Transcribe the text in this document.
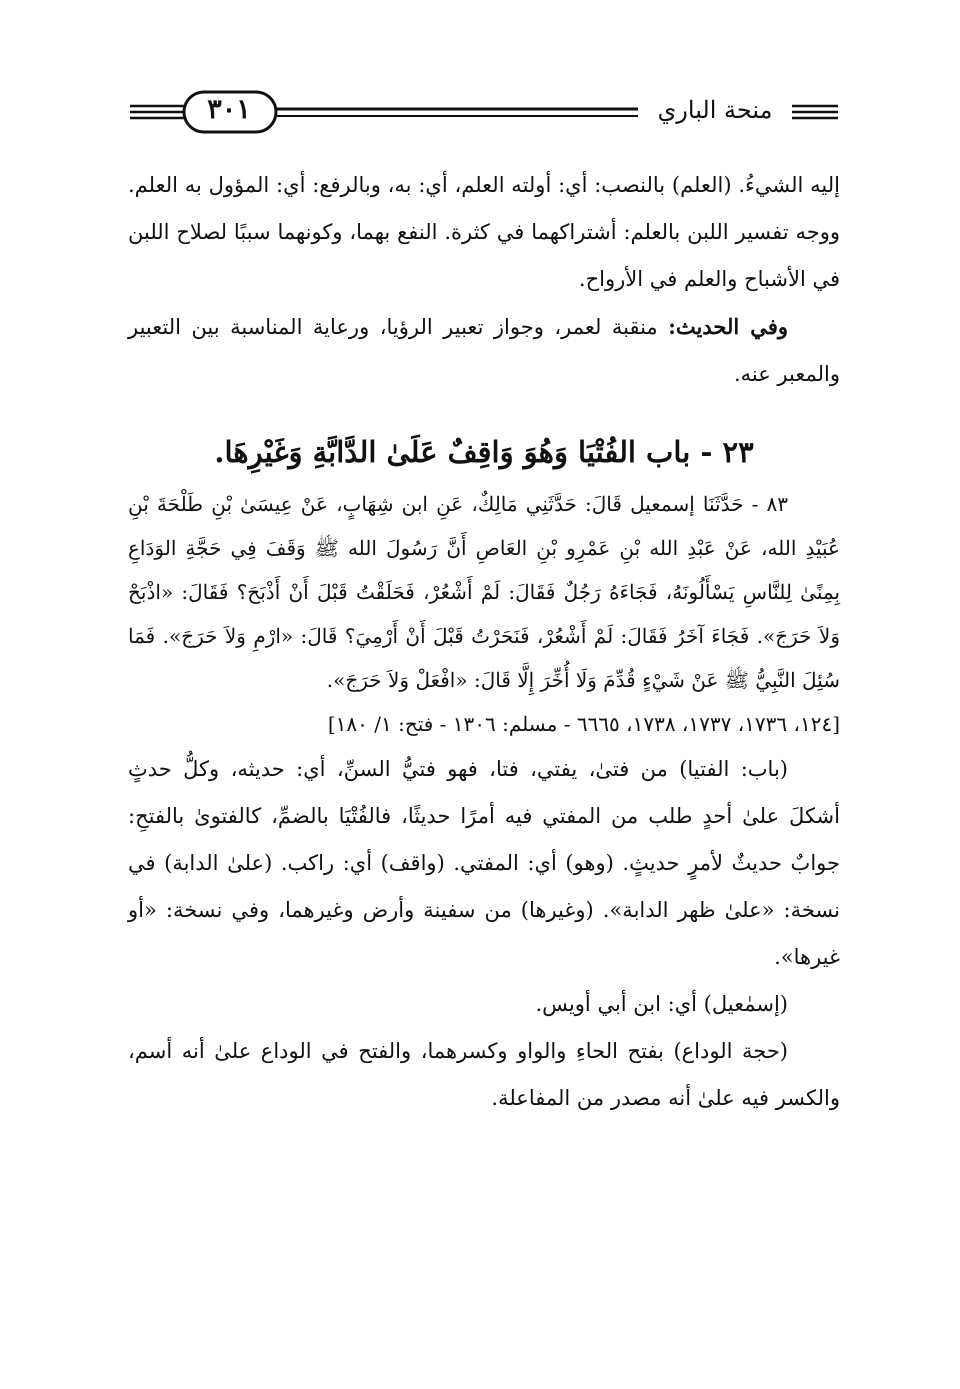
٣٠١	منحة الباري

إليه الشيءُ. (العلم) بالنصب: أي: أولته العلم، أي: به، وبالرفع: أي: المؤول به العلم. ووجه تفسير اللبن بالعلم: أشتراكهما في كثرة. النفع بهما، وكونهما سببًا لصلاح اللبن في الأشباح والعلم في الأرواح.

وفي الحديث: منقبة لعمر، وجواز تعبير الرؤيا، ورعاية المناسبة بين التعبير والمعبر عنه.

٢٣ - باب الفُتْيَا وَهُوَ وَاقِفٌ عَلَىٰ الدَّابَّةِ وَغَيْرِهَا.

٨٣ - حَدَّثَنَا إسمعيل قَالَ: حَدَّثَنِي مَالِكٌ، عَنِ ابن شِهَابٍ، عَنْ عِيسَىٰ بْنِ طَلْحَةَ بْنِ عُبَيْدِ الله، عَنْ عَبْدِ الله بْنِ عَمْرِو بْنِ العَاصِ أَنَّ رَسُولَ الله ﷺ وَقَفَ فِي حَجَّةِ الوَدَاعِ بِمِنًىٰ لِلنَّاسِ يَسْأَلُونَهُ، فَجَاءَهُ رَجُلٌ فَقَالَ: لَمْ أَشْعُرْ، فَحَلَقْتُ قَبْلَ أَنْ أَذْبَحَ؟ فَقَالَ: «اذْبَحْ وَلاَ حَرَجَ». فَجَاءَ آخَرُ فَقَالَ: لَمْ أَشْعُرْ، فَنَحَرْتُ قَبْلَ أَنْ أَرْمِيَ؟ قَالَ: «ارْمِ وَلاَ حَرَجَ». فَمَا سُئِلَ النَّبِيُّ ﷺ عَنْ شَيْءٍ قُدِّمَ وَلَا أُخِّرَ إِلَّا قَالَ: «افْعَلْ وَلاَ حَرَجَ».

[١٢٤، ١٧٣٦، ١٧٣٧، ١٧٣٨، ٦٦٦٥ - مسلم: ١٣٠٦ - فتح: ١/ ١٨٠]

(باب: الفتيا) من فتىٰ، يفتي، فتا، فهو فتيُّ السنِّ، أي: حديثه، وكلُّ حدثٍ أشكلَ علىٰ أحدٍ طلب من المفتي فيه أمرًا حديثًا، فالفُتْيَا بالضمِّ، كالفتوىٰ بالفتحِ: جوابٌ حديثٌ لأمرٍ حديثٍ. (وهو) أي: المفتي. (واقف) أي: راكب. (علىٰ الدابة) في نسخة: «علىٰ ظهر الدابة». (وغيرها) من سفينة وأرض وغيرهما، وفي نسخة: «أو غيرها».

(إسمٰعيل) أي: ابن أبي أويس.

(حجة الوداع) بفتح الحاءِ والواو وكسرهما، والفتح في الوداع علىٰ أنه أسم، والكسر فيه علىٰ أنه مصدر من المفاعلة.
